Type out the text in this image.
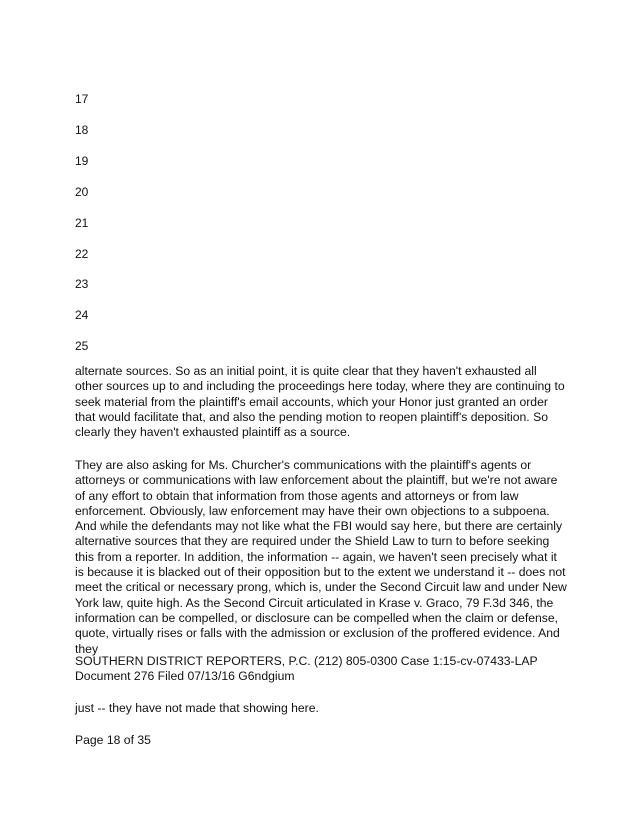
17

18

19

20

21

22

23

24

25

alternate sources. So as an initial point, it is quite clear that they haven't exhausted all other sources up to and including the proceedings here today, where they are continuing to seek material from the plaintiff's email accounts, which your Honor just granted an order that would facilitate that, and also the pending motion to reopen plaintiff's deposition. So clearly they haven't exhausted plaintiff as a source.

They are also asking for Ms. Churcher's communications with the plaintiff's agents or attorneys or communications with law enforcement about the plaintiff, but we're not aware of any effort to obtain that information from those agents and attorneys or from law enforcement. Obviously, law enforcement may have their own objections to a subpoena. And while the defendants may not like what the FBI would say here, but there are certainly alternative sources that they are required under the Shield Law to turn to before seeking this from a reporter. In addition, the information -- again, we haven't seen precisely what it is because it is blacked out of their opposition but to the extent we understand it -- does not meet the critical or necessary prong, which is, under the Second Circuit law and under New York law, quite high. As the Second Circuit articulated in Krase v. Graco, 79 F.3d 346, the information can be compelled, or disclosure can be compelled when the claim or defense, quote, virtually rises or falls with the admission or exclusion of the proffered evidence. And they

SOUTHERN DISTRICT REPORTERS, P.C. (212) 805-0300 Case 1:15-cv-07433-LAP Document 276 Filed 07/13/16 G6ndgium

just -- they have not made that showing here.

Page 18 of 35
